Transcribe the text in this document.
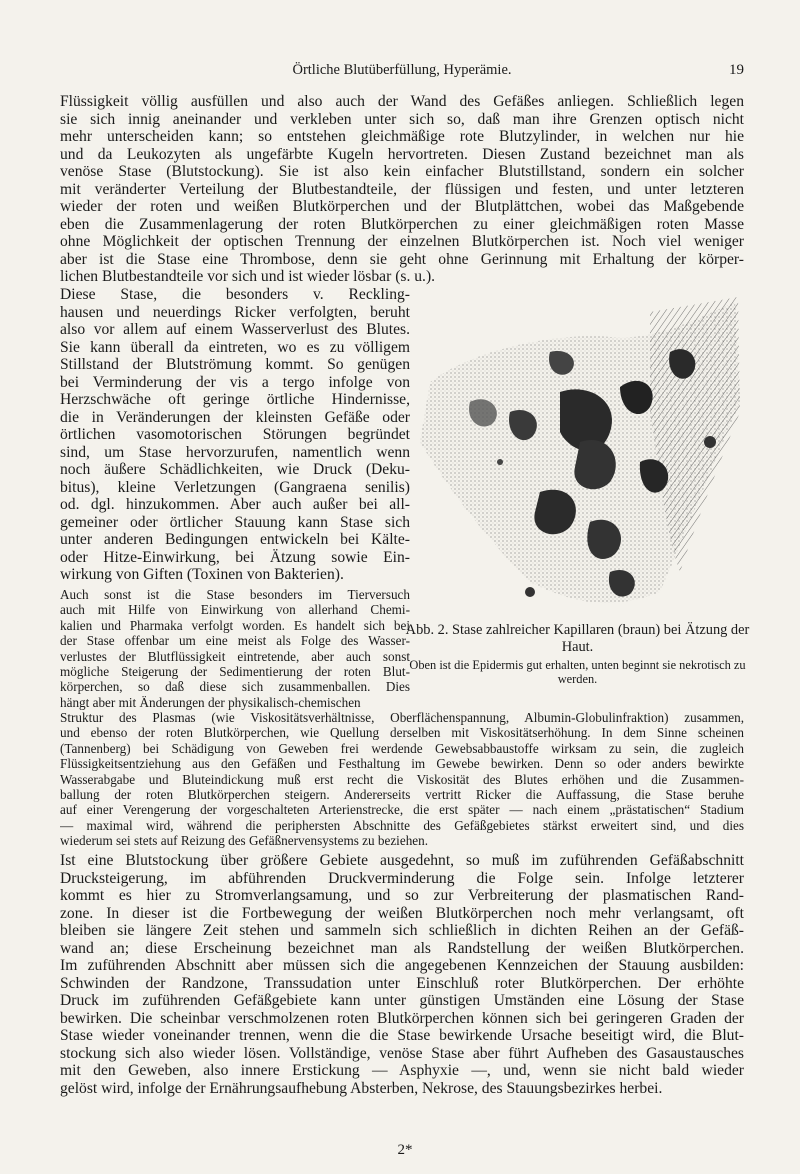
Örtliche Blutüberfüllung, Hyperämie.	19
Flüssigkeit völlig ausfüllen und also auch der Wand des Gefäßes anliegen. Schließlich legen
sie sich innig aneinander und verkleben unter sich so, daß man ihre Grenzen optisch nicht
mehr unterscheiden kann; so entstehen gleichmäßige rote Blutzylinder, in welchen nur hie
und da Leukozyten als ungefärbte Kugeln hervortreten. Diesen Zustand bezeichnet man als
venöse Stase (Blutstockung). Sie ist also kein einfacher Blutstillstand, sondern ein solcher
mit veränderter Verteilung der Blutbestandteile, der flüssigen und festen, und unter letzteren
wieder der roten und weißen Blutkörperchen und der Blutplättchen, wobei das Maßgebende
eben die Zusammenlagerung der roten Blutkörperchen zu einer gleichmäßigen roten Masse
ohne Möglichkeit der optischen Trennung der einzelnen Blutkörperchen ist. Noch viel weniger
aber ist die Stase eine Thrombose, denn sie geht ohne Gerinnung mit Erhaltung der körper-
lichen Blutbestandteile vor sich und ist wieder lösbar (s. u.).
Diese Stase, die besonders v. Reckling-
hausen und neuerdings Ricker verfolgten, beruht
also vor allem auf einem Wasserverlust des Blutes.
Sie kann überall da eintreten, wo es zu völligem
Stillstand der Blutströmung kommt. So genügen
bei Verminderung der vis a tergo infolge von
Herzschwäche oft geringe örtliche Hindernisse,
die in Veränderungen der kleinsten Gefäße oder
örtlichen vasomotorischen Störungen begründet
sind, um Stase hervorzurufen, namentlich wenn
noch äußere Schädlichkeiten, wie Druck (Deku-
bitus), kleine Verletzungen (Gangraena senilis)
od. dgl. hinzukommen. Aber auch außer bei all-
gemeiner oder örtlicher Stauung kann Stase sich
unter anderen Bedingungen entwickeln bei Kälte-
oder Hitze-Einwirkung, bei Ätzung sowie Ein-
wirkung von Giften (Toxinen von Bakterien).
Auch sonst ist die Stase besonders im Tierversuch
auch mit Hilfe von Einwirkung von allerhand Chemi-
kalien und Pharmaka verfolgt worden. Es handelt sich bei
der Stase offenbar um eine meist als Folge des Wasser-
verlustes der Blutflüssigkeit eintretende, aber auch sonst
mögliche Steigerung der Sedimentierung der roten Blut-
körperchen, so daß diese sich zusammenballen. Dies
hängt aber mit Änderungen der physikalisch-chemischen
Struktur des Plasmas (wie Viskositätsverhältnisse, Oberflächenspannung, Albumin-Globulinfraktion) zusammen,
und ebenso der roten Blutkörperchen, wie Quellung derselben mit Viskositätserhöhung. In dem Sinne scheinen
(Tannenberg) bei Schädigung von Geweben frei werdende Gewebsabbaustoffe wirksam zu sein, die zugleich
Flüssigkeitsentziehung aus den Gefäßen und Festhaltung im Gewebe bewirken. Denn so oder anders bewirkte
Wasserabgabe und Bluteindickung muß erst recht die Viskosität des Blutes erhöhen und die Zusammen-
ballung der roten Blutkörperchen steigern. Andererseits vertritt Ricker die Auffassung, die Stase beruhe
auf einer Verengerung der vorgeschalteten Arterienstrecke, die erst später — nach einem „prästatischen“ Stadium
— maximal wird, während die periphersten Abschnitte des Gefäßgebietes stärkst erweitert sind, und dies
wiederum sei stets auf Reizung des Gefäßnervensystems zu beziehen.
Ist eine Blutstockung über größere Gebiete ausgedehnt, so muß im zuführenden Gefäßabschnitt
Drucksteigerung, im abführenden Druckverminderung die Folge sein. Infolge letzterer
kommt es hier zu Stromverlangsamung, und so zur Verbreiterung der plasmatischen Rand-
zone. In dieser ist die Fortbewegung der weißen Blutkörperchen noch mehr verlangsamt, oft
bleiben sie längere Zeit stehen und sammeln sich schließlich in dichten Reihen an der Gefäß-
wand an; diese Erscheinung bezeichnet man als Randstellung der weißen Blutkörperchen.
Im zuführenden Abschnitt aber müssen sich die angegebenen Kennzeichen der Stauung ausbilden:
Schwinden der Randzone, Transsudation unter Einschluß roter Blutkörperchen. Der erhöhte
Druck im zuführenden Gefäßgebiete kann unter günstigen Umständen eine Lösung der Stase
bewirken. Die scheinbar verschmolzenen roten Blutkörperchen können sich bei geringeren Graden der
Stase wieder voneinander trennen, wenn die die Stase bewirkende Ursache beseitigt wird, die Blut-
stockung sich also wieder lösen. Vollständige, venöse Stase aber führt Aufheben des Gasaustausches
mit den Geweben, also innere Erstickung — Asphyxie —, und, wenn sie nicht bald wieder
gelöst wird, infolge der Ernährungsaufhebung Absterben, Nekrose, des Stauungsbezirkes herbei.
Abb. 2. Stase zahlreicher Kapillaren (braun) bei Ätzung der Haut.
Oben ist die Epidermis gut erhalten, unten beginnt sie nekrotisch zu werden.
2*
